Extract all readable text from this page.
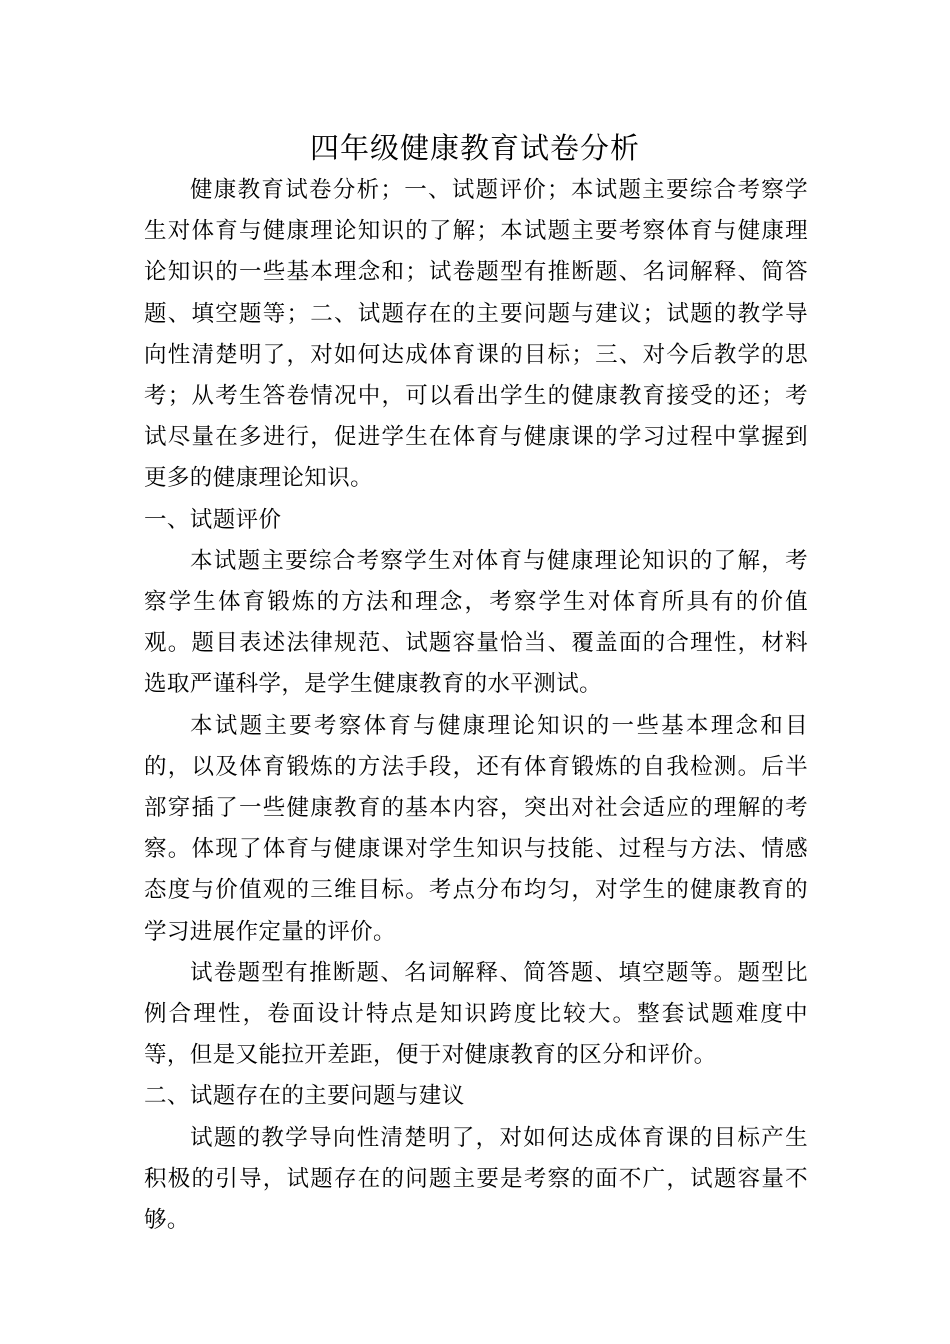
四年级健康教育试卷分析

健康教育试卷分析；一、试题评价；本试题主要综合考察学生对体育与健康理论知识的了解；本试题主要考察体育与健康理论知识的一些基本理念和；试卷题型有推断题、名词解释、简答题、填空题等；二、试题存在的主要问题与建议；试题的教学导向性清楚明了，对如何达成体育课的目标；三、对今后教学的思考；从考生答卷情况中，可以看出学生的健康教育接受的还；考试尽量在多进行，促进学生在体育与健康课的学习过程中掌握到更多的健康理论知识。

一、试题评价

本试题主要综合考察学生对体育与健康理论知识的了解，考察学生体育锻炼的方法和理念，考察学生对体育所具有的价值观。题目表述法律规范、试题容量恰当、覆盖面的合理性，材料选取严谨科学，是学生健康教育的水平测试。

本试题主要考察体育与健康理论知识的一些基本理念和目的，以及体育锻炼的方法手段，还有体育锻炼的自我检测。后半部穿插了一些健康教育的基本内容，突出对社会适应的理解的考察。体现了体育与健康课对学生知识与技能、过程与方法、情感态度与价值观的三维目标。考点分布均匀，对学生的健康教育的学习进展作定量的评价。

试卷题型有推断题、名词解释、简答题、填空题等。题型比例合理性，卷面设计特点是知识跨度比较大。整套试题难度中等，但是又能拉开差距，便于对健康教育的区分和评价。

二、试题存在的主要问题与建议

试题的教学导向性清楚明了，对如何达成体育课的目标产生积极的引导，试题存在的问题主要是考察的面不广，试题容量不够。
